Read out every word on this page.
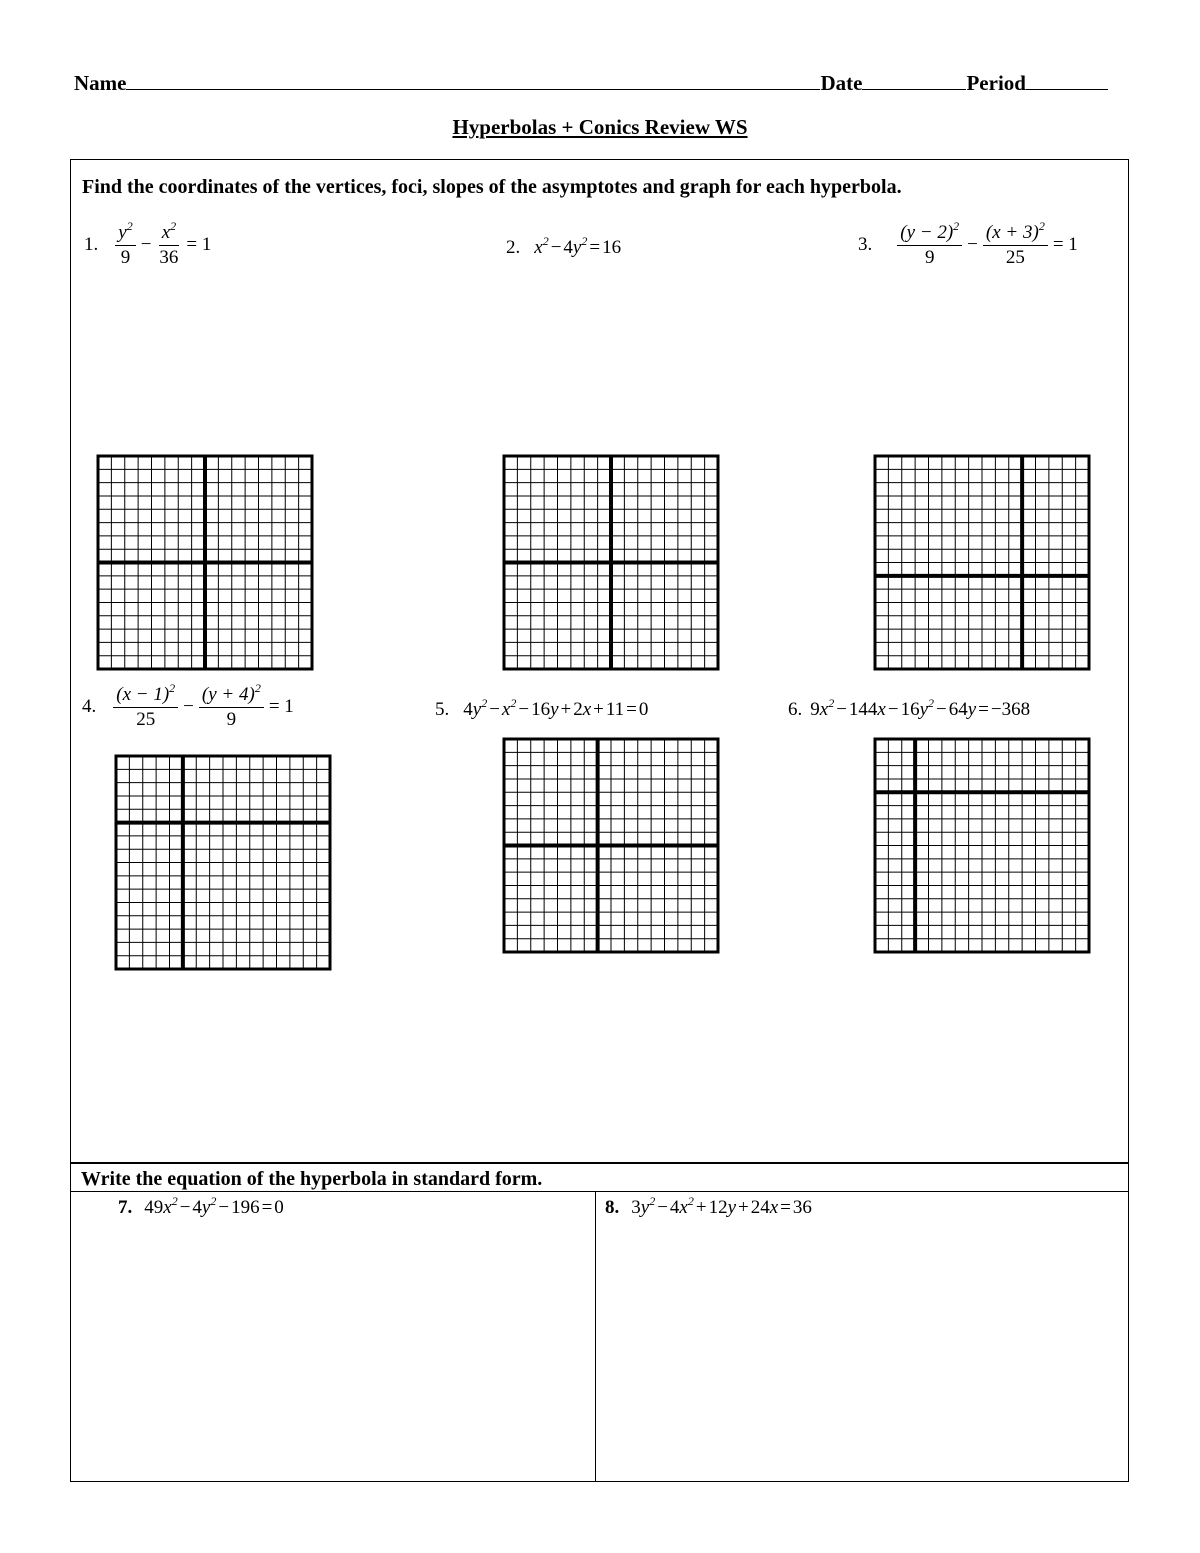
Name	Date	Period
Hyperbolas + Conics Review WS
Find the coordinates of the vertices, foci, slopes of the asymptotes and graph for each hyperbola.
1. $\frac{y^2}{9} - \frac{x^2}{36} = 1$	2. $x^2 - 4y^2 = 16$	3. $\frac{(y - 2)^2}{9} - \frac{(x + 3)^2}{25} = 1$
4. $\frac{(x - 1)^2}{25} - \frac{(y + 4)^2}{9} = 1$	5. $4y^2 - x^2 - 16y + 2x + 11 = 0$	6. $9x^2 - 144x - 16y^2 - 64y = -368$
Write the equation of the hyperbola in standard form.
7. $49x^2 - 4y^2 - 196 = 0$	8. $3y^2 - 4x^2 + 12y + 24x = 36$
